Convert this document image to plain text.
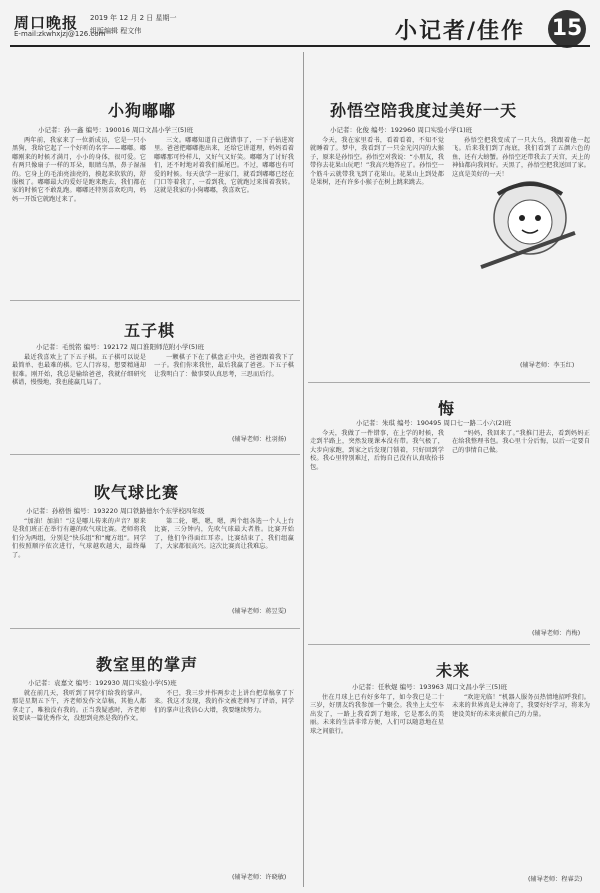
周口晚报 2019 年 12 月 2 日 星期一
组版编辑 程文伟
E-mail:zkwhxjzj@126.com	小记者/佳作 15
小狗嘟嘟
小记者：孙一鑫 编号：190016 周口文昌小学三(5)班
两年前，我家来了一位新成员，它是一只小黑狗，我给它起了一个好听的名字——嘟嘟。嘟嘟刚来的时候才满月，小小的身体，很可爱。它有两只像扇子一样的耳朵，眼睛乌黑，鼻子湿湿的。它身上的毛油亮油亮的，摸起来软软的，舒服极了。嘟嘟最大的爱好是跑来跑去，我们都在家的时候它不敢乱跑。嘟嘟还特别喜欢吃肉，妈妈一开饭它就跑过来了。
三文。嘟嘟知道自己做错事了，一下子钻进窝里。爸爸把嘟嘟抱出来，还给它讲道理，妈妈看着嘟嘟那可怜样儿，又好气又好笑。嘟嘟为了讨好我们，还不时地对着我们摇尾巴。不过，嘟嘟也有可爱的时候。每天放学一进家门，就看到嘟嘟已经在门口等着我了，一看到我，它就跑过来围着我转。这就是我家的小狗嘟嘟，我喜欢它。
五子棋
小记者：毛悦铭 编号：192172 周口淮阳师范附小学(5)班
最近我喜欢上了下五子棋。五子棋可以说是最简单、也最难的棋。它人门容易，想要精通却很难。刚开始，我总是输给爸爸，我就仔细研究棋谱，慢慢地，我也能赢几局了。
一颗棋子下在了棋盘正中央，爸爸跟着我下了一子。我们你来我往，最后我赢了爸爸。下五子棋让我明白了：做事要认真思考，三思而后行。
(辅导老师：杜羽扬)
吹气球比赛
小记者：孙格悟 编号：193220 周口铁路德尔个东学校四年级
“加油！加油！”这是哪儿传来的声音？原来是我们班正在举行有趣的吹气球比赛。老师将我们分为两组，分别是“快乐组”和“魔方组”。同学们按照顺序依次进行，气球越吹越大，最终爆了。
第二轮，嗯，嗯，嗯，两个组各选一个人上台比赛，三分钟内，先吹气球最大者胜。比赛开始了，他们争得面红耳赤。比赛结束了，我们组赢了，大家都很高兴。这次比赛真让我难忘。
(辅导老师：蒋昱雯)
教室里的掌声
小记者：袁嘉文 编号：192930 周口实验小学(5)班
就在前几天，我听到了同学们给我的掌声。那是星期五下午，齐老师发作文草稿，其他人都拿走了，唯独没有我的。正当我疑惑时，齐老师说要读一篇优秀作文，没想到竟然是我的作文。
不已，我三步并作两步走上讲台把草稿拿了下来。我这才发现，我的作文被老师写了评语，同学们的掌声让我信心大增，我要继续努力。
(辅导老师：许晓敏)
孙悟空陪我度过美好一天
小记者：化俊 编号：192960 周口实验小学(1)班
今天，我在家里看书，看着看着，不知不觉就睡着了。梦中，我看到了一只金光闪闪的大猴子，原来是孙悟空。孙悟空对我说：“小朋友，我带你去花果山玩吧！”我高兴地答应了。孙悟空一个筋斗云就带我飞到了花果山。花果山上到处都是果树，还有许多小猴子在树上跳来跳去。
孙悟空把我变成了一只大鸟，我跟着他一起飞。后来我们到了海底，我们看到了五颜六色的鱼，还有大螃蟹。孙悟空还带我去了天宫，天上的神仙都向我问好。天黑了，孙悟空把我送回了家。这真是美好的一天！
(辅导老师：李玉红)
悔
小记者：朱琪 编号：190495 周口七一路二小六(2)班
今天，我做了一件错事，在上学的时候，我走到半路上，突然发现课本没有带。我气极了，大步向家跑，到家之后发现门锁着，只好回到学校。我心里特别难过，后悔自己没有认真收拾书包。
“妈妈，我回来了。”我推门进去，看到妈妈正在给我整理书包。我心里十分后悔，以后一定要自己的事情自己做。
(辅导老师：肖梅)
未来
小记者：任秋焜 编号：193963 周口文昌小学三(5)班
住在月球上已有好多年了，如今我已是二十三岁，好朋友约我参加一个聚会。我坐上太空车出发了，一路上我看到了地球，它是那么的美丽。未来的生活非常方便，人们可以随意地在星球之间旅行。
“欢迎光临！”机器人服务员热情地招呼我们。未来的世界真是太神奇了，我要好好学习，将来为建设美好的未来贡献自己的力量。
(辅导老师：程睿芸)
